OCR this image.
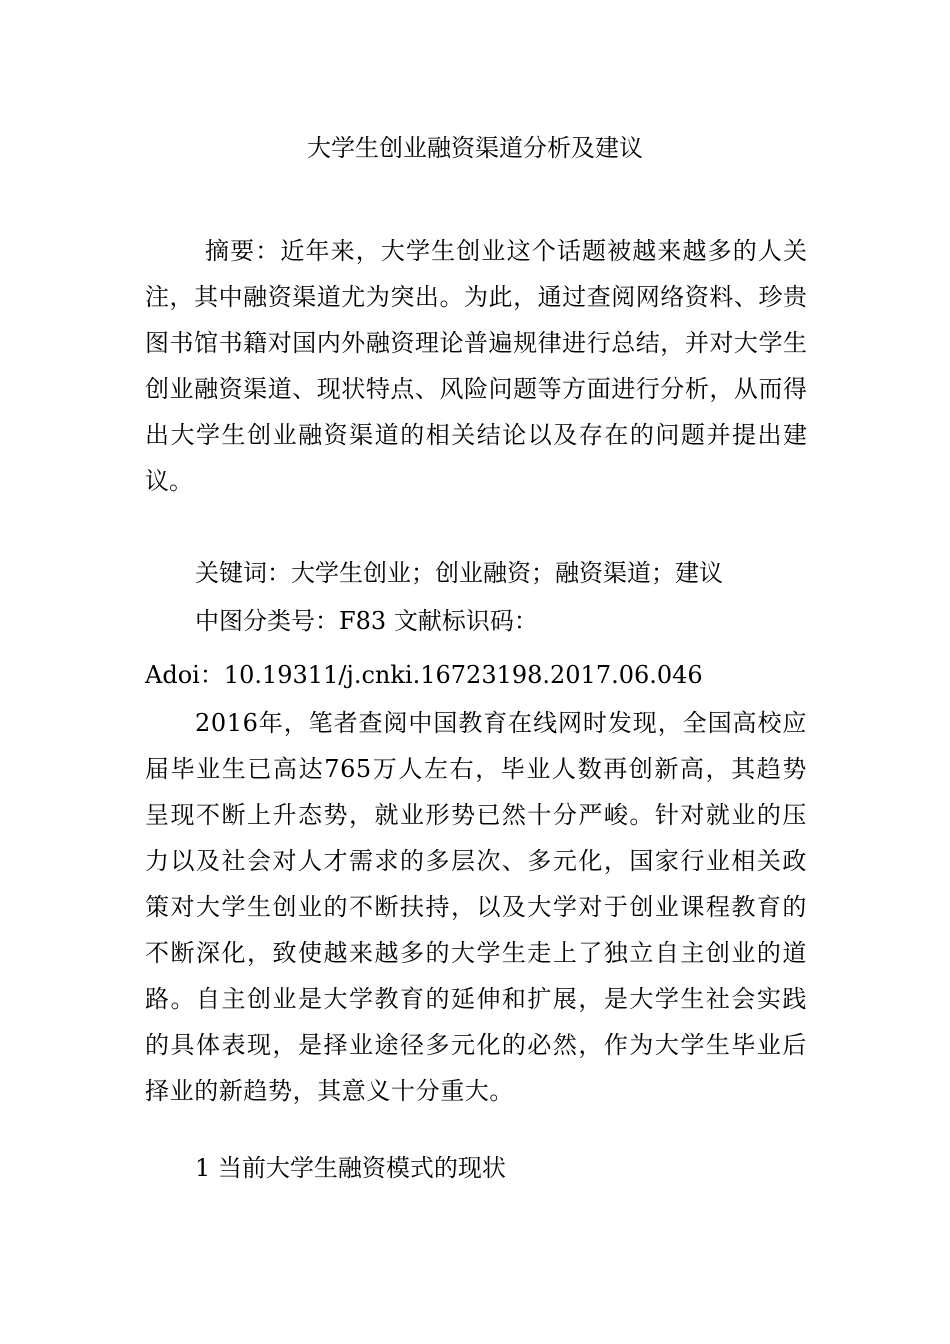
大学生创业融资渠道分析及建议

摘要：近年来，大学生创业这个话题被越来越多的人关注，其中融资渠道尤为突出。为此，通过查阅网络资料、珍贵图书馆书籍对国内外融资理论普遍规律进行总结，并对大学生创业融资渠道、现状特点、风险问题等方面进行分析，从而得出大学生创业融资渠道的相关结论以及存在的问题并提出建议。

关键词：大学生创业；创业融资；融资渠道；建议

中图分类号：F83 文献标识码：

Adoi：10.19311/j.cnki.16723198.2017.06.046

2016年，笔者查阅中国教育在线网时发现，全国高校应届毕业生已高达765万人左右，毕业人数再创新高，其趋势呈现不断上升态势，就业形势已然十分严峻。针对就业的压力以及社会对人才需求的多层次、多元化，国家行业相关政策对大学生创业的不断扶持，以及大学对于创业课程教育的不断深化，致使越来越多的大学生走上了独立自主创业的道路。自主创业是大学教育的延伸和扩展，是大学生社会实践的具体表现，是择业途径多元化的必然，作为大学生毕业后择业的新趋势，其意义十分重大。

1 当前大学生融资模式的现状
